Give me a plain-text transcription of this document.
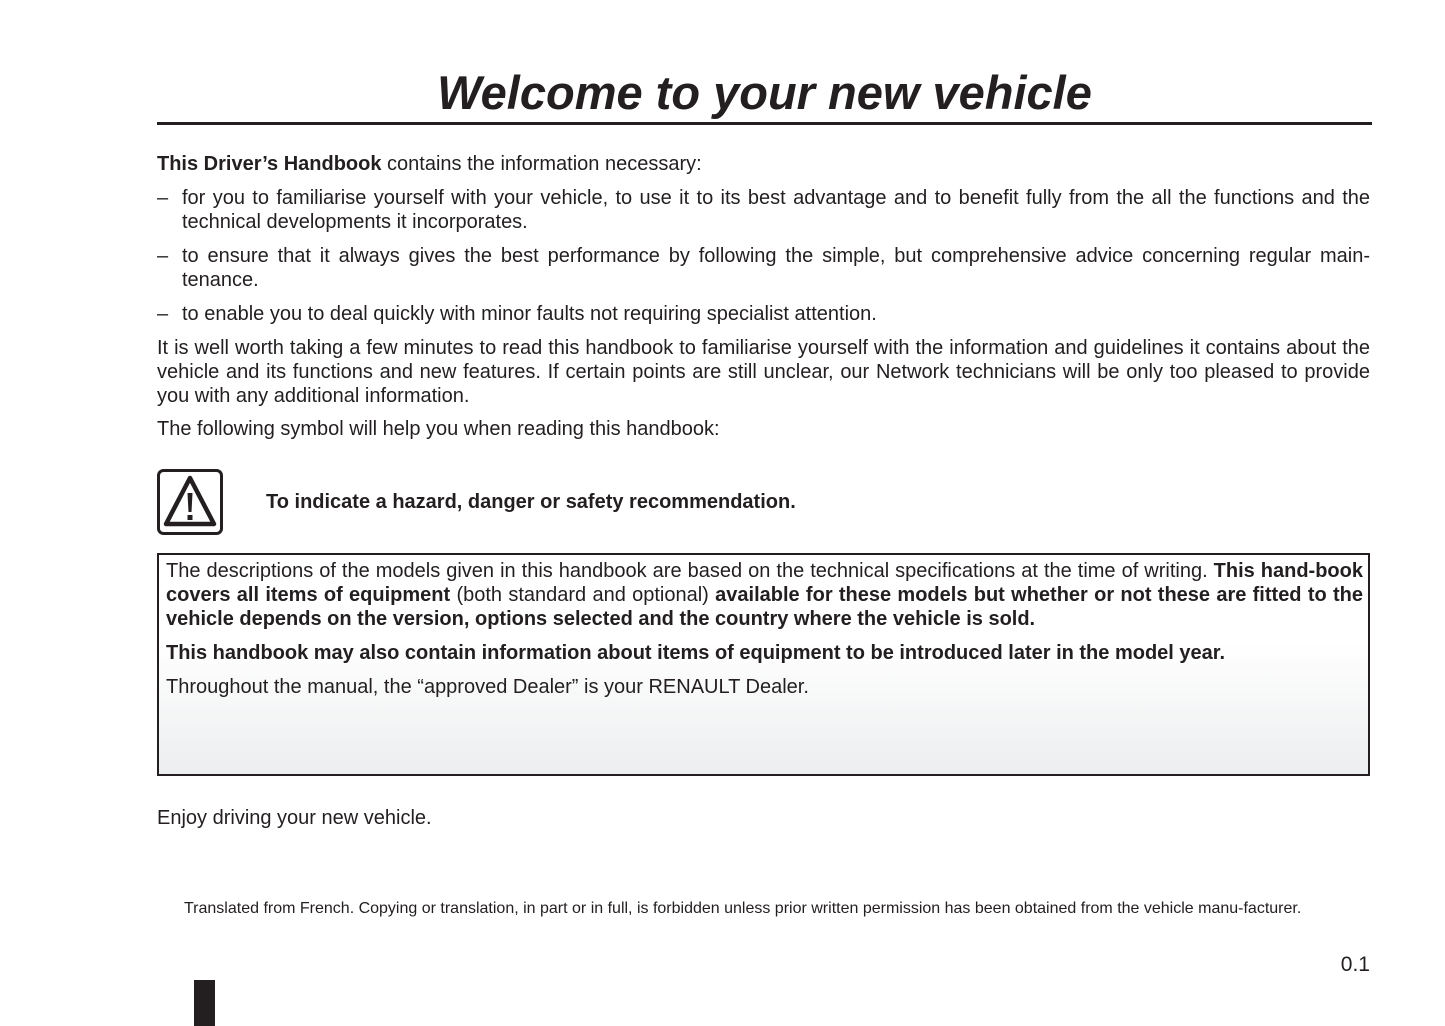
Welcome to your new vehicle

This Driver’s Handbook contains the information necessary:

– for you to familiarise yourself with your vehicle, to use it to its best advantage and to benefit fully from the all the functions and the technical developments it incorporates.
– to ensure that it always gives the best performance by following the simple, but comprehensive advice concerning regular main-tenance.
– to enable you to deal quickly with minor faults not requiring specialist attention.

It is well worth taking a few minutes to read this handbook to familiarise yourself with the information and guidelines it contains about the vehicle and its functions and new features. If certain points are still unclear, our Network technicians will be only too pleased to provide you with any additional information.

The following symbol will help you when reading this handbook:

To indicate a hazard, danger or safety recommendation.

The descriptions of the models given in this handbook are based on the technical specifications at the time of writing. This hand-book covers all items of equipment (both standard and optional) available for these models but whether or not these are fitted to the vehicle depends on the version, options selected and the country where the vehicle is sold.

This handbook may also contain information about items of equipment to be introduced later in the model year.

Throughout the manual, the “approved Dealer” is your RENAULT Dealer.

Enjoy driving your new vehicle.

Translated from French. Copying or translation, in part or in full, is forbidden unless prior written permission has been obtained from the vehicle manu-facturer.

0.1
